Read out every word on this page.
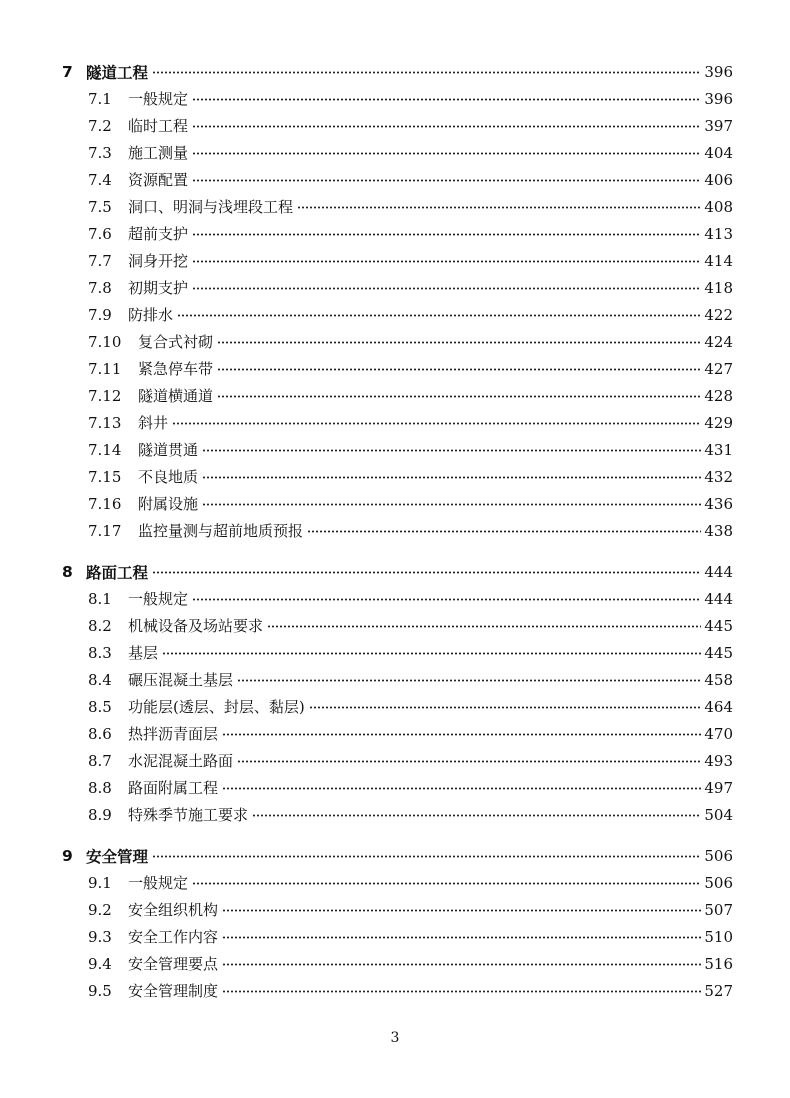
7 隧道工程	396
7.1	一般规定	396
7.2	临时工程	397
7.3	施工测量	404
7.4	资源配置	406
7.5	洞口、明洞与浅埋段工程	408
7.6	超前支护	413
7.7	洞身开挖	414
7.8	初期支护	418
7.9	防排水	422
7.10	复合式衬砌	424
7.11	紧急停车带	427
7.12	隧道横通道	428
7.13	斜井	429
7.14	隧道贯通	431
7.15	不良地质	432
7.16	附属设施	436
7.17	监控量测与超前地质预报	438
8 路面工程	444
8.1	一般规定	444
8.2	机械设备及场站要求	445
8.3	基层	445
8.4	碾压混凝土基层	458
8.5	功能层(透层、封层、黏层)	464
8.6	热拌沥青面层	470
8.7	水泥混凝土路面	493
8.8	路面附属工程	497
8.9	特殊季节施工要求	504
9 安全管理	506
9.1	一般规定	506
9.2	安全组织机构	507
9.3	安全工作内容	510
9.4	安全管理要点	516
9.5	安全管理制度	527
3
